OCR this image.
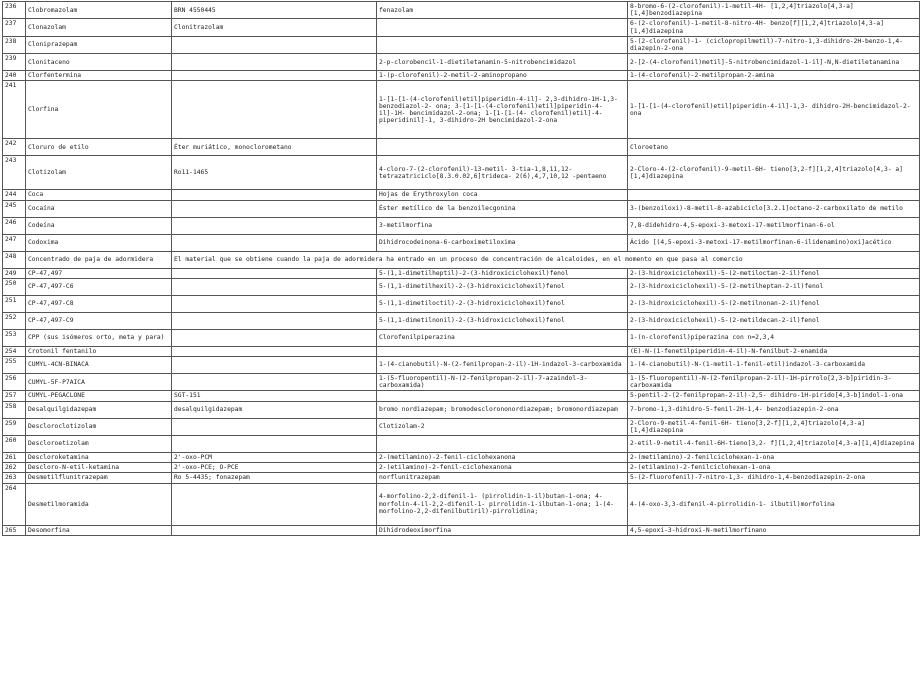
236	Clobromazolam	BRN 4550445	fenazolam	8-bromo-6-(2-clorofenil)-1-metil-4H- [1,2,4]triazolo[4,3-a][1,4]benzodiazepina
237	Clonazolam	Clonitrazolam		6-(2-clorofenil)-1-metil-8-nitro-4H- benzo[f][1,2,4]triazolo[4,3-a][1,4]diazepina
238	Cloniprazepam			5-(2-clorofenil)-1- (ciclopropilmetil)-7-nitro-1,3-dihidro-2H-benzo-1,4-diazepin-2-ona
239	Clonitaceno		2-p-clorobencil-1-dietiletanamin-5-nitrobencimidazol	2-[2-(4-clorofenil)metil]-5-nitrobencimidazol-1-il]-N,N-dietiletanamina
240	Clorfentermina		1-(p-clorofenil)-2-metil-2-aminopropano	1-(4-clorofenil)-2-metilpropan-2-amina
241	Clorfina		1-[1-[1-(4-clorofenil)etil]piperidin-4-il]- 2,3-dihidro-1H-1,3-benzodiazol-2- ona; 3-[1-[1-(4-clorofenil)etil]piperidin-4-il]-1H- bencimidazol-2-ona; 1-[1-[1-(4- clorofenil)etil]-4-piperidinil]-1, 3-dihidro-2H bencimidazol-2-ona	1-[1-[1-(4-clorofenil)etil]piperidin-4-il]-1,3- dihidro-2H-bencimidazol-2-ona
242	Cloruro de etilo	Éter muriático, monoclorometano		Cloroetano
243	Clotizolam	Ro11-1465	4-cloro-7-(2-clorofenil)-13-metil- 3-tia-1,8,11,12-tetrazatriciclo[8.3.0.02,6]trideca- 2(6),4,7,10,12 -pentaeno	2-Cloro-4-(2-clorofenil)-9-metil-6H- tieno[3,2-f][1,2,4]triazolo[4,3- a][1,4]diazepina
244	Coca		Hojas de Erythroxylon coca	
245	Cocaína		Éster metílico de la benzoilecgonina	3-(benzoiloxi)-8-metil-8-azabiciclo[3.2.1]octano-2-carboxilato de metilo
246	Codeína		3-metilmorfina	7,8-didehidro-4,5-epoxi-3-metoxi-17-metilmorfinan-6-ol
247	Codoxima		Dihidrocodeinona-6-carboximetiloxima	Ácido [(4,5-epoxi-3-metoxi-17-metilmorfinan-6-ilidenamino)oxi]acético
248	Concentrado de paja de adormidera	El material que se obtiene cuando la paja de adormidera ha entrado en un proceso de concentración de alcaloides, en el momento en que pasa al comercio		
249	CP-47,497		5-(1,1-dimetilheptil)-2-(3-hidroxiciclohexil)fenol	2-(3-hidroxiciclohexil)-5-(2-metiloctan-2-il)fenol
250	CP-47,497-C6		5-(1,1-dimetilhexil)-2-(3-hidroxiciclohexil)fenol	2-(3-hidroxiciclohexil)-5-(2-metilheptan-2-il)fenol
251	CP-47,497-C8		5-(1,1-dimetiloctil)-2-(3-hidroxiciclohexil)fenol	2-(3-hidroxiciclohexil)-5-(2-metilnonan-2-il)fenol
252	CP-47,497-C9		5-(1,1-dimetilnonil)-2-(3-hidroxiciclohexil)fenol	2-(3-hidroxiciclohexil)-5-(2-metildecan-2-il)fenol
253	CPP (sus isómeros orto, meta y para)		Clorofenilpiperazina	1-(n-clorofenil)piperazina con n=2,3,4
254	Crotonil fentanilo			(E)-N-(1-fenetilpiperidin-4-il)-N-fenilbut-2-enamida
255	CUMYL-4CN-BINACA		1-(4-cianobutil)-N-(2-fenilpropan-2-il)-1H-indazol-3-carboxamida	1-(4-cianobutil)-N-(1-metil-1-fenil-etil)indazol-3-carboxamida
256	CUMYL-5F-P7AICA		1-(5-fluoropentil)-N-(2-fenilpropan-2-il)-7-azaindol-3-carboxamida)	1-(5-fluoropentil)-N-(2-fenilpropan-2-il)-1H-pirrolo[2,3-b]piridin-3-carboxamida
257	CUMYL-PEGACLONE	SGT-151		5-pentil-2-(2-fenilpropan-2-il)-2,5- dihidro-1H-pirido[4,3-b]indol-1-ona
258	Desalquilgidazepam	desalquilgidazepam	bromo nordiazepam; bromodesclorononordiazepam; bromonordiazepam	7-bromo-1,3-dihidro-5-fenil-2H-1,4- benzodiazepin-2-ona
259	Descloroclotizolam		Clotizolam-2	2-Cloro-9-metil-4-fenil-6H- tieno[3,2-f][1,2,4]triazolo[4,3-a][1,4]diazepina
260	Descloroetizolam			2-etil-9-metil-4-fenil-6H-tieno[3,2- f][1,2,4]triazolo[4,3-a][1,4]diazepina
261	Descloroketamina	2'-oxo-PCM	2-(metilamino)-2-fenil-ciclohexanona	2-(metilamino)-2-fenilciclohexan-1-ona
262	Descloro-N-etil-ketamina	2'-oxo-PCE; O-PCE	2-(etilamino)-2-fenil-ciclohexanona	2-(etilamino)-2-fenilciclohexan-1-ona
263	Desmetilflunitrazepam	Ro 5-4435; fonazepam	norflunitrazepam	5-(2-fluorofenil)-7-nitro-1,3- dihidro-1,4-benzodiazepin-2-ona
264	Desmetilmoramida		4-morfolino-2,2-difenil-1- (pirrolidin-1-il)butan-1-ona; 4- morfolin-4-il-2,2-difenil-1- pirrolidin-1-ilbutan-1-ona; 1-(4- morfolino-2,2-difenilbutiril)-pirrolidina;	4-(4-oxo-3,3-difenil-4-pirrolidin-1- ilbutil)morfolina
265	Desomorfina		Dihidrodeoximorfina	4,5-epoxi-3-hidroxi-N-metilmorfinano
